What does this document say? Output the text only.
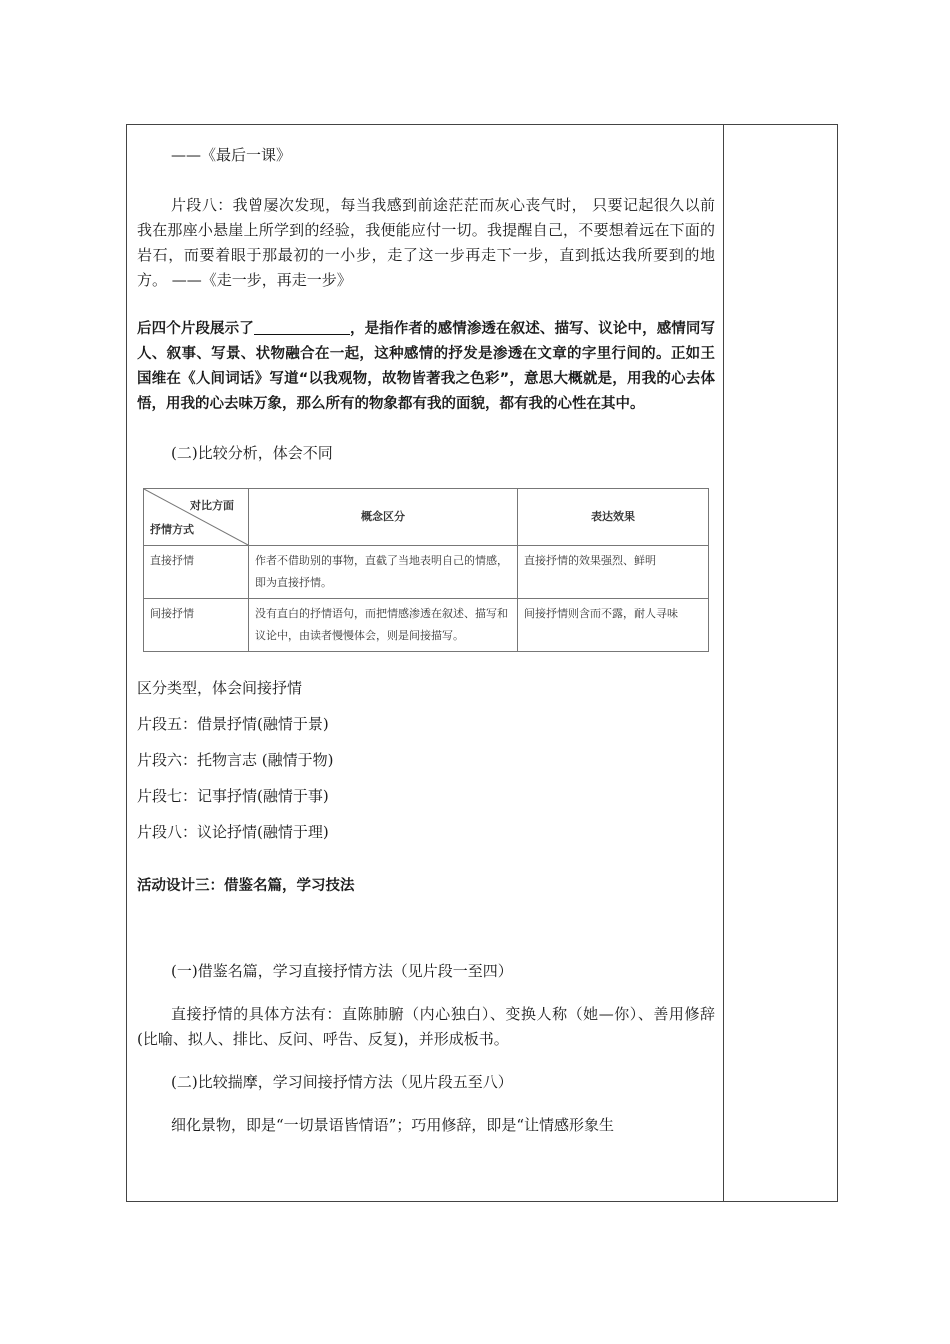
——《最后一课》

片段八：我曾屡次发现，每当我感到前途茫茫而灰心丧气时， 只要记起很久以前我在那座小悬崖上所学到的经验，我便能应付一切。我提醒自己，不要想着远在下面的岩石，而要着眼于那最初的一小步，走了这一步再走下一步，直到抵达我所要到的地方。 ——《走一步，再走一步》

后四个片段展示了	，是指作者的感情渗透在叙述、描写、议论中，感情同写人、叙事、写景、状物融合在一起，这种感情的抒发是渗透在文章的字里行间的。正如王国维在《人间词话》写道“以我观物，故物皆著我之色彩”，意思大概就是，用我的心去体悟，用我的心去味万象，那么所有的物象都有我的面貌，都有我的心性在其中。

(二)比较分析，体会不同

对比方面
抒情方式	概念区分	表达效果
直接抒情	作者不借助别的事物，直截了当地表明自己的情感，即为直接抒情。	直接抒情的效果强烈、鲜明
间接抒情	没有直白的抒情语句，而把情感渗透在叙述、描写和议论中，由读者慢慢体会，则是间接描写。	间接抒情则含而不露，耐人寻味

区分类型，体会间接抒情

片段五：借景抒情(融情于景)

片段六：托物言志 (融情于物)

片段七：记事抒情(融情于事)

片段八：议论抒情(融情于理)

活动设计三：借鉴名篇，学习技法

(一)借鉴名篇，学习直接抒情方法（见片段一至四）

直接抒情的具体方法有：直陈肺腑（内心独白）、变换人称（她—你）、善用修辞(比喻、拟人、排比、反问、呼告、反复)，并形成板书。

(二)比较揣摩，学习间接抒情方法（见片段五至八）

细化景物，即是“一切景语皆情语”；巧用修辞，即是“让情感形象生
